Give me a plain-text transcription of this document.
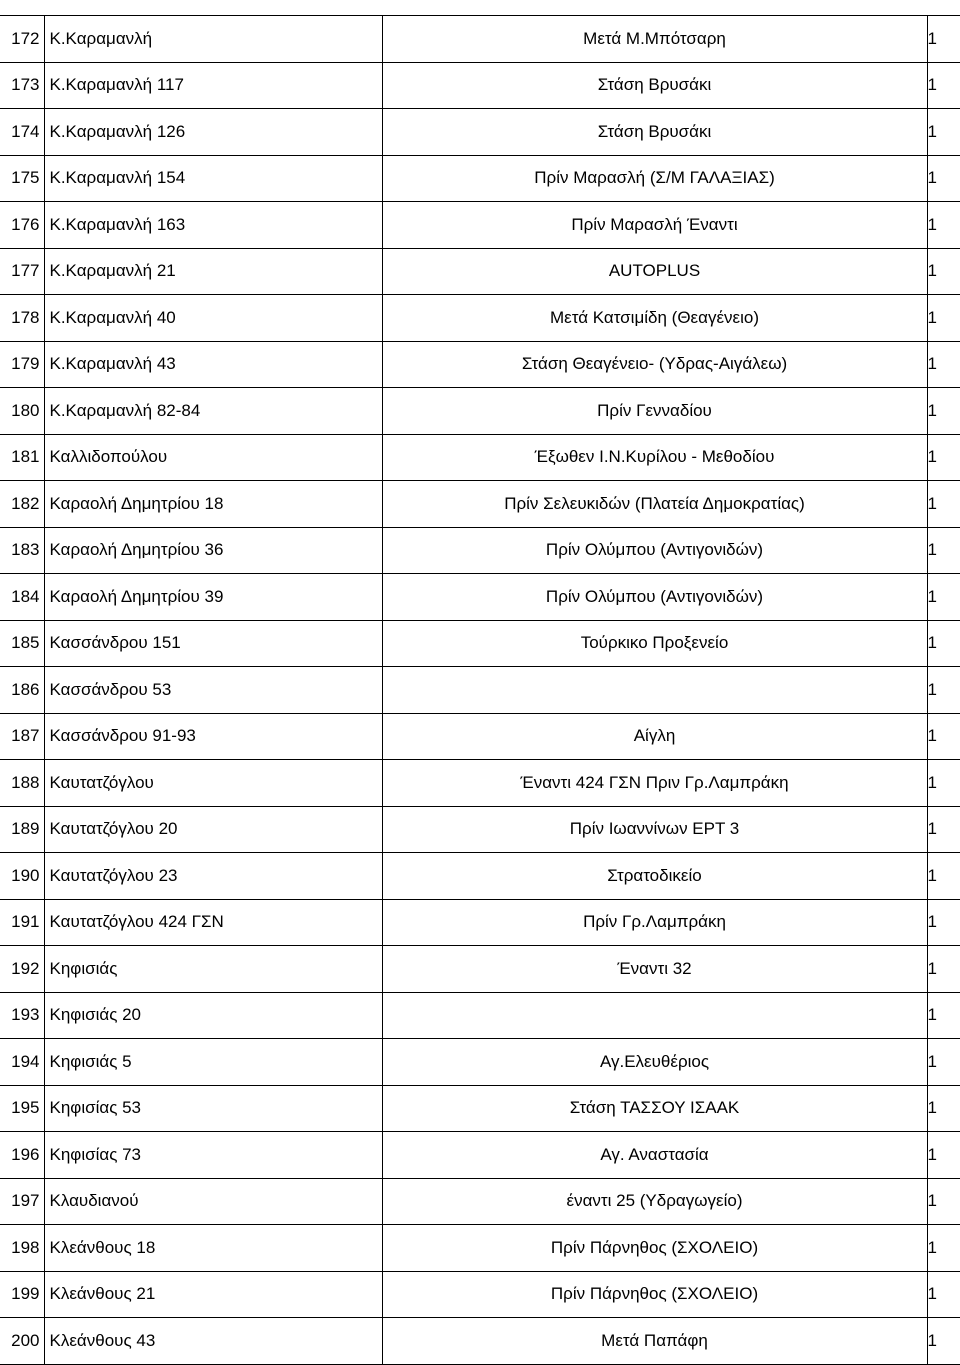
172	Κ.Καραμανλή	Μετά Μ.Μπότσαρη	1
173	Κ.Καραμανλή 117	Στάση Βρυσάκι	1
174	Κ.Καραμανλή 126	Στάση Βρυσάκι	1
175	Κ.Καραμανλή 154	Πρίν Μαρασλή (Σ/Μ ΓΑΛΑΞΙΑΣ)	1
176	Κ.Καραμανλή 163	Πρίν Μαρασλή Έναντι	1
177	Κ.Καραμανλή 21	AUTOPLUS	1
178	Κ.Καραμανλή 40	Μετά Κατσιμίδη (Θεαγένειο)	1
179	Κ.Καραμανλή 43	Στάση Θεαγένειο- (Υδρας-Αιγάλεω)	1
180	Κ.Καραμανλή 82-84	Πρίν Γενναδίου	1
181	Καλλιδοπούλου	Έξωθεν Ι.Ν.Κυρίλου - Μεθοδίου	1
182	Καραολή Δημητρίου 18	Πρίν Σελευκιδών (Πλατεία Δημοκρατίας)	1
183	Καραολή Δημητρίου 36	Πρίν Ολύμπου (Αντιγονιδών)	1
184	Καραολή Δημητρίου 39	Πρίν Ολύμπου (Αντιγονιδών)	1
185	Κασσάνδρου 151	Τούρκικο Προξενείο	1
186	Κασσάνδρου 53		1
187	Κασσάνδρου 91-93	Αίγλη	1
188	Καυτατζόγλου	Έναντι 424 ΓΣΝ Πριν Γρ.Λαμπράκη	1
189	Καυτατζόγλου 20	Πρίν Ιωαννίνων ΕΡΤ 3	1
190	Καυτατζόγλου 23	Στρατοδικείο	1
191	Καυτατζόγλου 424 ΓΣΝ	Πρίν Γρ.Λαμπράκη	1
192	Κηφισιάς	Έναντι 32	1
193	Κηφισιάς 20		1
194	Κηφισιάς 5	Αγ.Ελευθέριος	1
195	Κηφισίας 53	Στάση ΤΑΣΣΟΥ ΙΣΑΑΚ	1
196	Κηφισίας 73	Αγ. Αναστασία	1
197	Κλαυδιανού	έναντι 25 (Υδραγωγείο)	1
198	Κλεάνθους 18	Πρίν Πάρνηθος (ΣΧΟΛΕΙΟ)	1
199	Κλεάνθους 21	Πρίν Πάρνηθος (ΣΧΟΛΕΙΟ)	1
200	Κλεάνθους 43	Μετά Παπάφη	1
